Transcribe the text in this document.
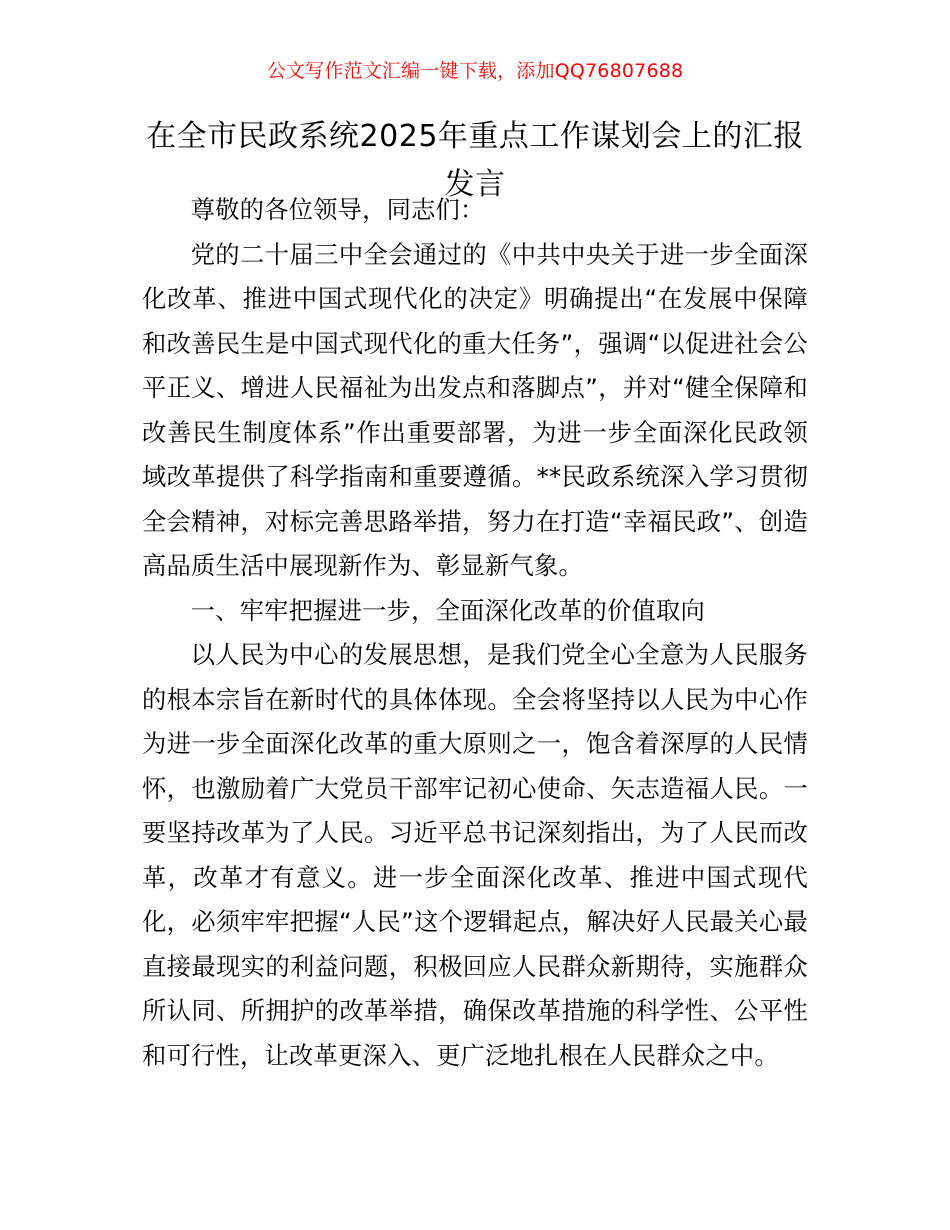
公文写作范文汇编一键下载，添加QQ76807688
在全市民政系统2025年重点工作谋划会上的汇报发言

尊敬的各位领导，同志们：

党的二十届三中全会通过的《中共中央关于进一步全面深化改革、推进中国式现代化的决定》明确提出“在发展中保障和改善民生是中国式现代化的重大任务”，强调“以促进社会公平正义、增进人民福祉为出发点和落脚点”，并对“健全保障和改善民生制度体系”作出重要部署，为进一步全面深化民政领域改革提供了科学指南和重要遵循。**民政系统深入学习贯彻全会精神，对标完善思路举措，努力在打造“幸福民政”、创造高品质生活中展现新作为、彰显新气象。

一、牢牢把握进一步，全面深化改革的价值取向

以人民为中心的发展思想，是我们党全心全意为人民服务的根本宗旨在新时代的具体体现。全会将坚持以人民为中心作为进一步全面深化改革的重大原则之一，饱含着深厚的人民情怀，也激励着广大党员干部牢记初心使命、矢志造福人民。一要坚持改革为了人民。习近平总书记深刻指出，为了人民而改革，改革才有意义。进一步全面深化改革、推进中国式现代化，必须牢牢把握“人民”这个逻辑起点，解决好人民最关心最直接最现实的利益问题，积极回应人民群众新期待，实施群众所认同、所拥护的改革举措，确保改革措施的科学性、公平性和可行性，让改革更深入、更广泛地扎根在人民群众之中。
